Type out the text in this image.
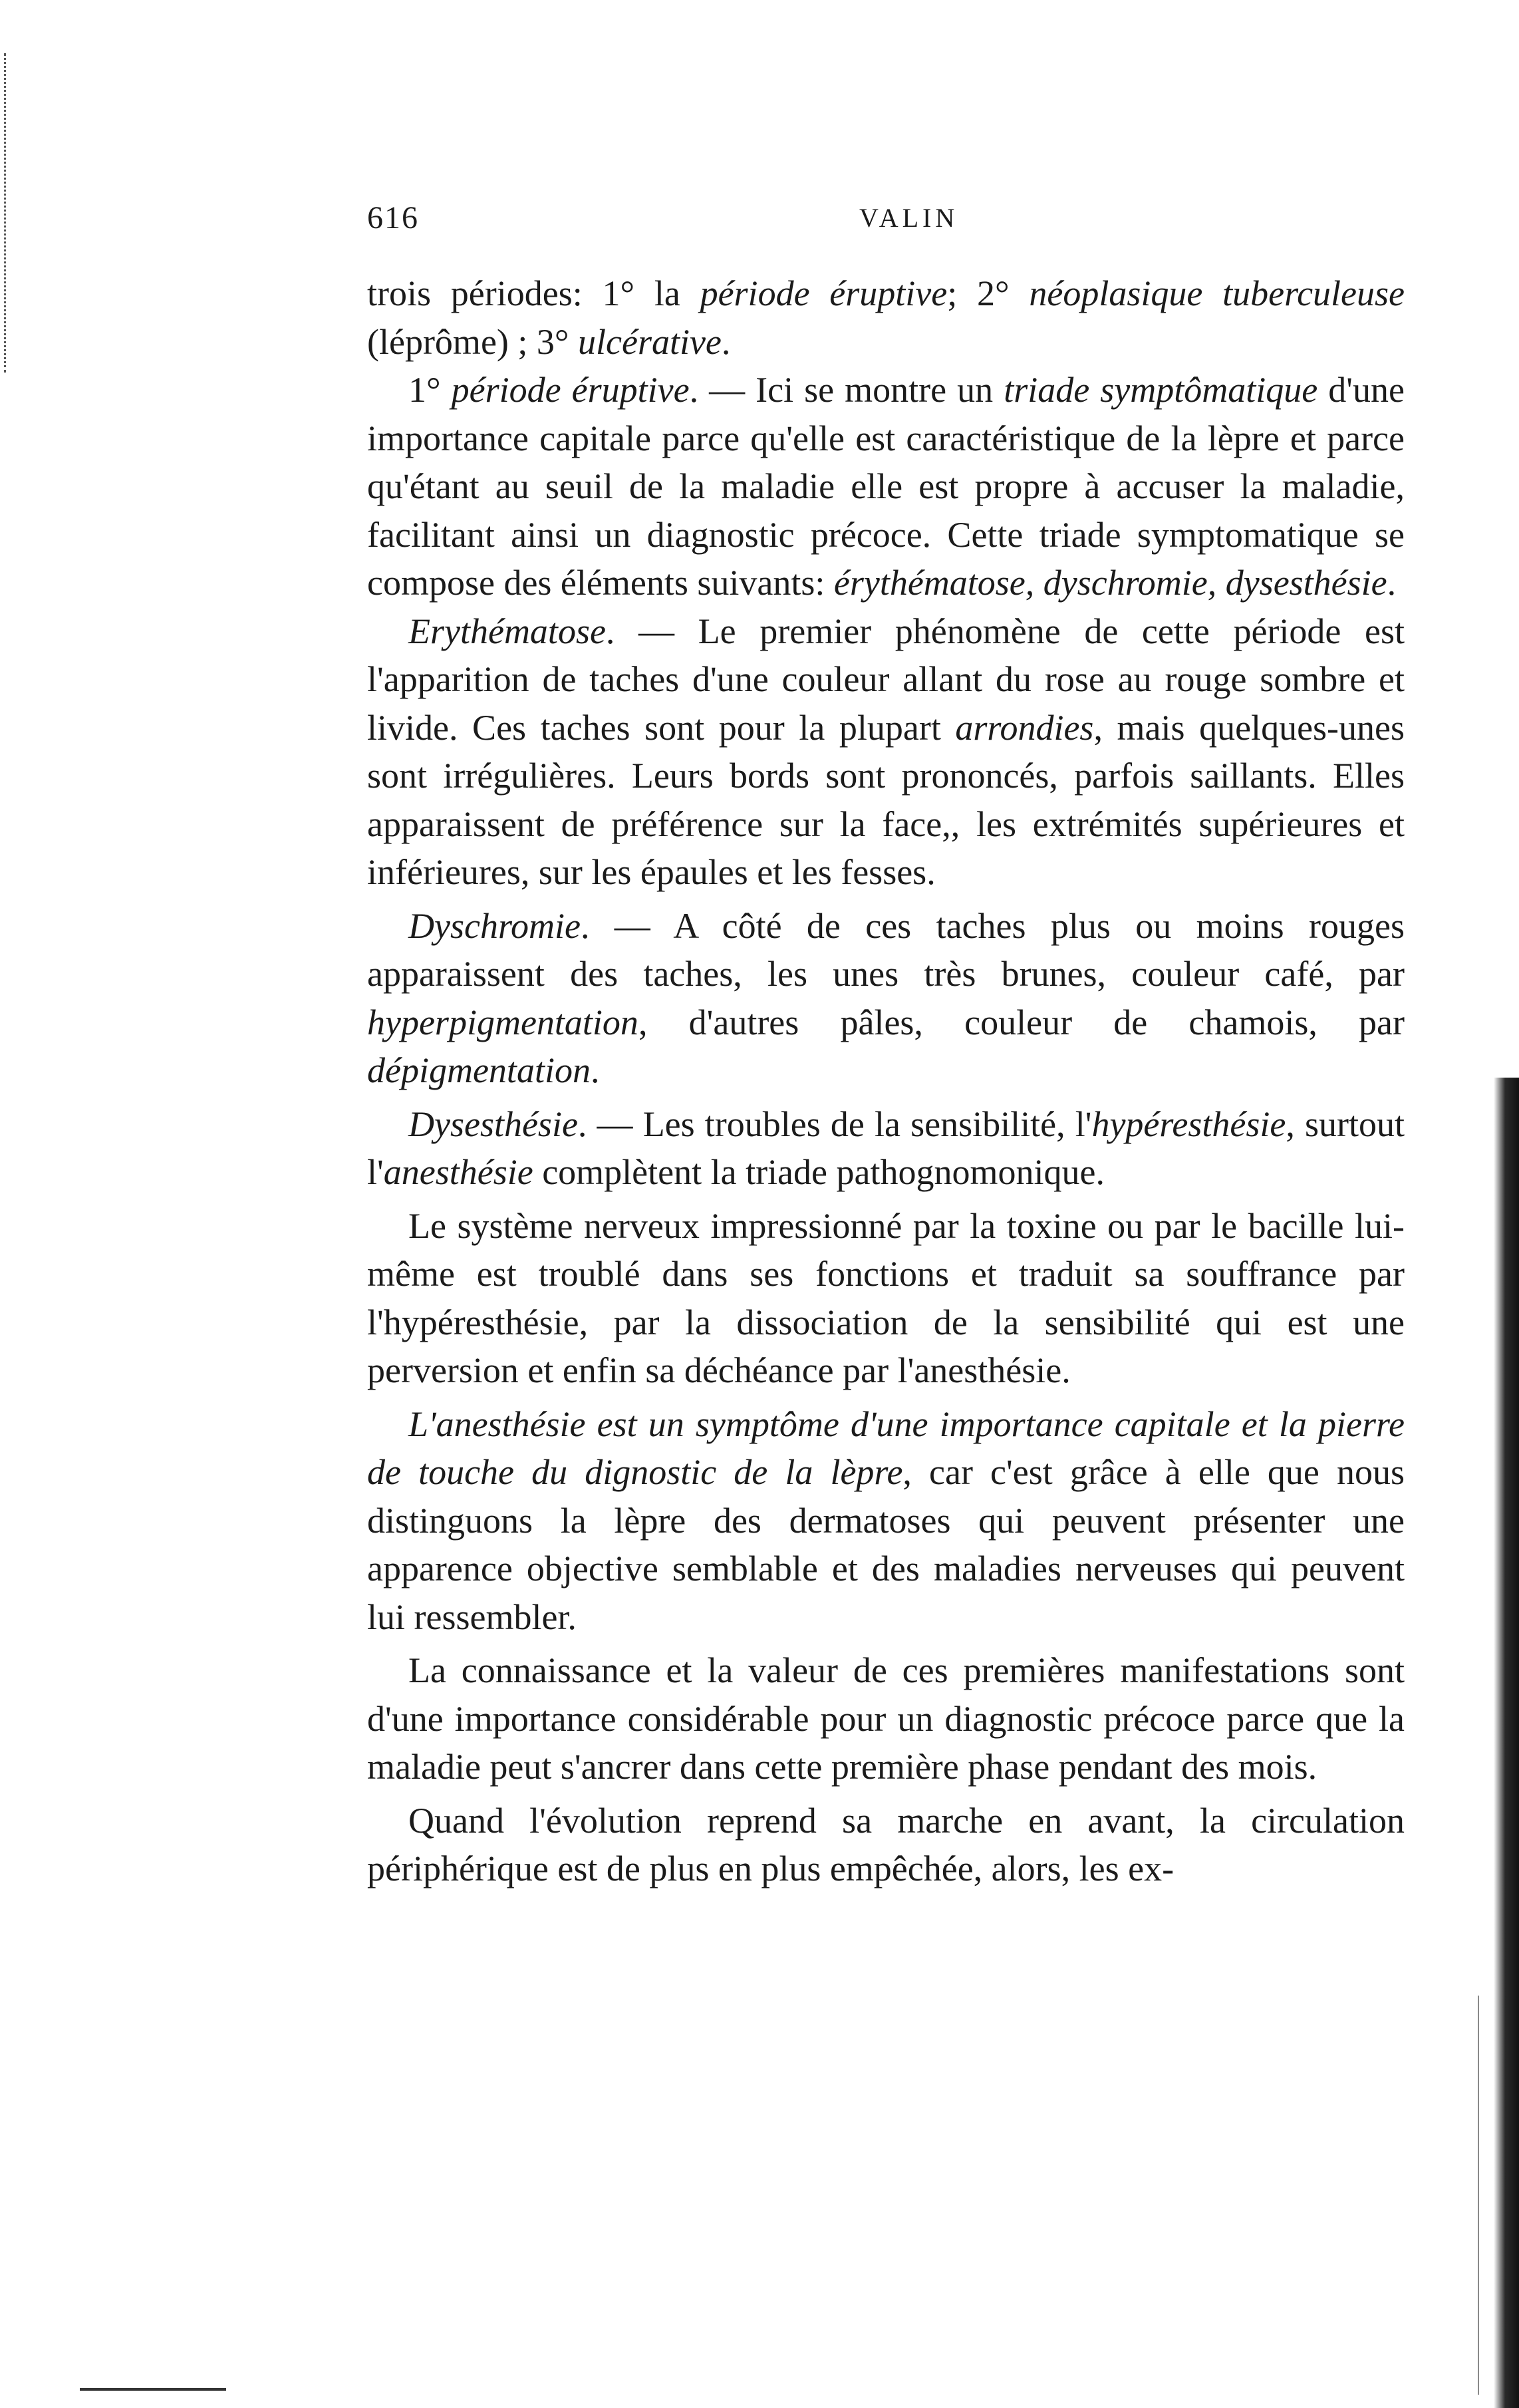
616	VALIN

trois périodes: 1° la période éruptive; 2° néoplasique tuberculeuse (léprôme) ; 3° ulcérative.

1° période éruptive. — Ici se montre un triade symptômatique d'une importance capitale parce qu'elle est caractéristique de la lèpre et parce qu'étant au seuil de la maladie elle est propre à accuser la maladie, facilitant ainsi un diagnostic précoce. Cette triade symptomatique se compose des éléments suivants: érythématose, dyschromie, dysesthésie.

Erythématose. — Le premier phénomène de cette période est l'apparition de taches d'une couleur allant du rose au rouge sombre et livide. Ces taches sont pour la plupart arrondies, mais quelques-unes sont irrégulières. Leurs bords sont prononcés, parfois saillants. Elles apparaissent de préférence sur la face,, les extrémités supérieures et inférieures, sur les épaules et les fesses.

Dyschromie. — A côté de ces taches plus ou moins rouges apparaissent des taches, les unes très brunes, couleur café, par hyperpigmentation, d'autres pâles, couleur de chamois, par dépigmentation.

Dysesthésie. — Les troubles de la sensibilité, l'hypéresthésie, surtout l'anesthésie complètent la triade pathognomonique.

Le système nerveux impressionné par la toxine ou par le bacille lui-même est troublé dans ses fonctions et traduit sa souffrance par l'hypéresthésie, par la dissociation de la sensibilité qui est une perversion et enfin sa déchéance par l'anesthésie.

L'anesthésie est un symptôme d'une importance capitale et la pierre de touche du dignostic de la lèpre, car c'est grâce à elle que nous distinguons la lèpre des dermatoses qui peuvent présenter une apparence objective semblable et des maladies nerveuses qui peuvent lui ressembler.

La connaissance et la valeur de ces premières manifestations sont d'une importance considérable pour un diagnostic précoce parce que la maladie peut s'ancrer dans cette première phase pendant des mois.

Quand l'évolution reprend sa marche en avant, la circulation périphérique est de plus en plus empêchée, alors, les ex-
